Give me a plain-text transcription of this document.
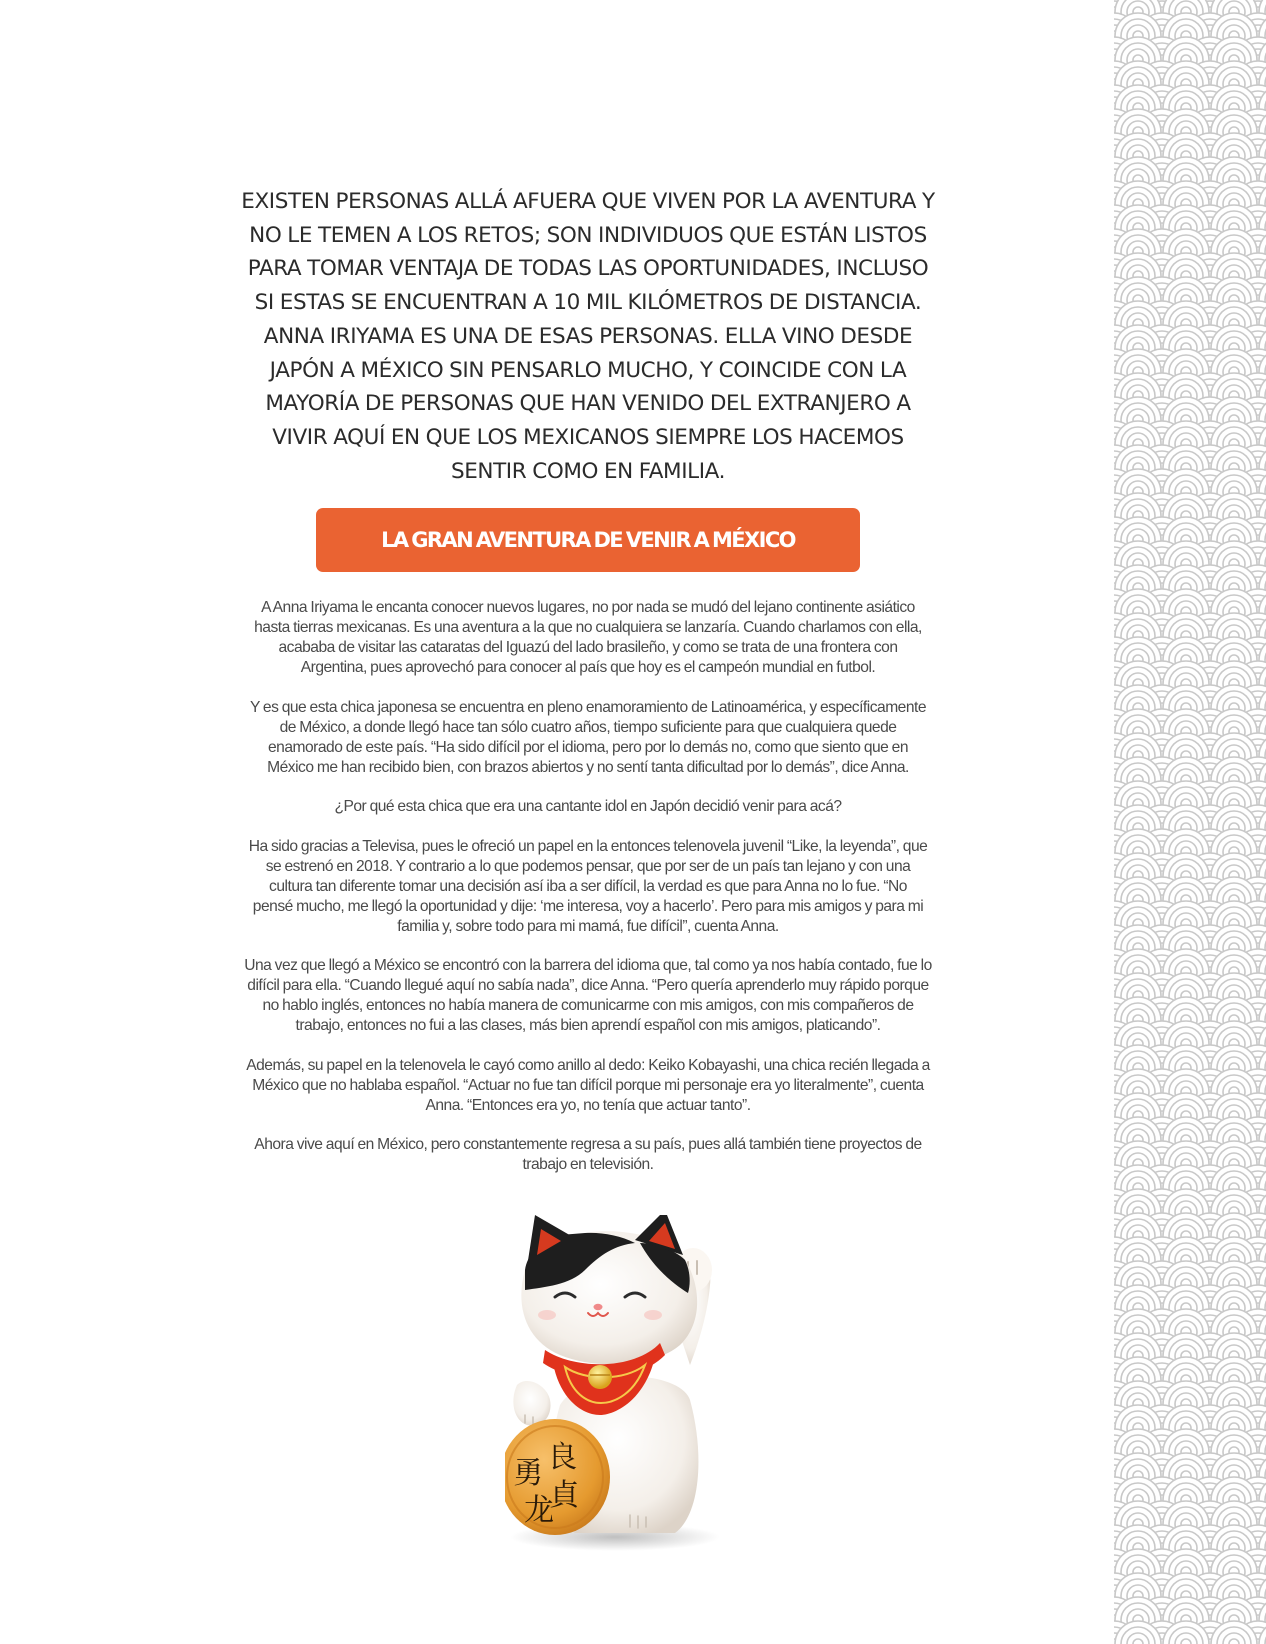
EXISTEN PERSONAS ALLÁ AFUERA QUE VIVEN POR LA AVENTURA Y
NO LE TEMEN A LOS RETOS; SON INDIVIDUOS QUE ESTÁN LISTOS
PARA TOMAR VENTAJA DE TODAS LAS OPORTUNIDADES, INCLUSO
SI ESTAS SE ENCUENTRAN A 10 MIL KILÓMETROS DE DISTANCIA.
ANNA IRIYAMA ES UNA DE ESAS PERSONAS. ELLA VINO DESDE
JAPÓN A MÉXICO SIN PENSARLO MUCHO, Y COINCIDE CON LA
MAYORÍA DE PERSONAS QUE HAN VENIDO DEL EXTRANJERO A
VIVIR AQUÍ EN QUE LOS MEXICANOS SIEMPRE LOS HACEMOS
SENTIR COMO EN FAMILIA.
LA GRAN AVENTURA DE VENIR A MÉXICO

A Anna Iriyama le encanta conocer nuevos lugares, no por nada se mudó del lejano continente asiático
hasta tierras mexicanas. Es una aventura a la que no cualquiera se lanzaría. Cuando charlamos con ella,
acababa de visitar las cataratas del Iguazú del lado brasileño, y como se trata de una frontera con
Argentina, pues aprovechó para conocer al país que hoy es el campeón mundial en futbol.

Y es que esta chica japonesa se encuentra en pleno enamoramiento de Latinoamérica, y específicamente
de México, a donde llegó hace tan sólo cuatro años, tiempo suficiente para que cualquiera quede
enamorado de este país. “Ha sido difícil por el idioma, pero por lo demás no, como que siento que en
México me han recibido bien, con brazos abiertos y no sentí tanta dificultad por lo demás”, dice Anna.

¿Por qué esta chica que era una cantante idol en Japón decidió venir para acá?

Ha sido gracias a Televisa, pues le ofreció un papel en la entonces telenovela juvenil “Like, la leyenda”, que
se estrenó en 2018. Y contrario a lo que podemos pensar, que por ser de un país tan lejano y con una
cultura tan diferente tomar una decisión así iba a ser difícil, la verdad es que para Anna no lo fue. “No
pensé mucho, me llegó la oportunidad y dije: ‘me interesa, voy a hacerlo’. Pero para mis amigos y para mi
familia y, sobre todo para mi mamá, fue difícil”, cuenta Anna.

Una vez que llegó a México se encontró con la barrera del idioma que, tal como ya nos había contado, fue lo
difícil para ella. “Cuando llegué aquí no sabía nada”, dice Anna. “Pero quería aprenderlo muy rápido porque
no hablo inglés, entonces no había manera de comunicarme con mis amigos, con mis compañeros de
trabajo, entonces no fui a las clases, más bien aprendí español con mis amigos, platicando”.

Además, su papel en la telenovela le cayó como anillo al dedo: Keiko Kobayashi, una chica recién llegada a
México que no hablaba español. “Actuar no fue tan difícil porque mi personaje era yo literalmente”, cuenta
Anna. “Entonces era yo, no tenía que actuar tanto”.

Ahora vive aquí en México, pero constantemente regresa a su país, pues allá también tiene proyectos de
trabajo en televisión.

良 勇 貞 龙
